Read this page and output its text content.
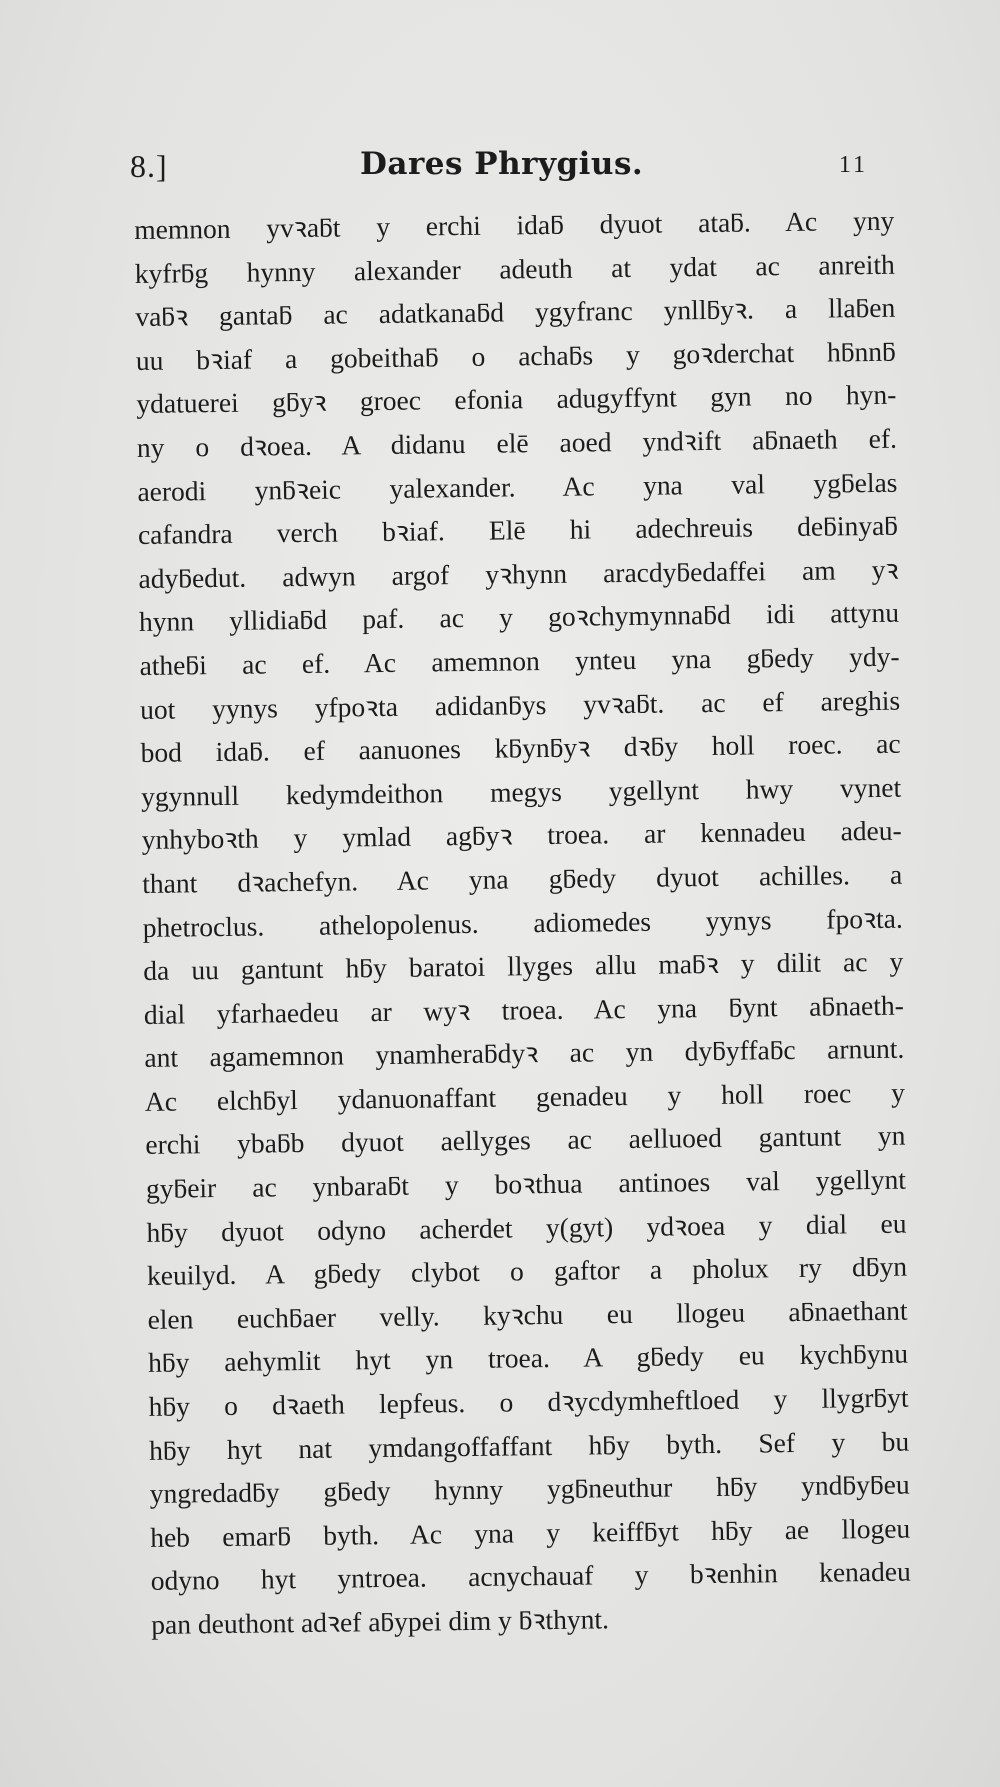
8.]	Dares Phrygius.	11
memnon yvꝛaƃt y erchi idaƃ dyuot ataƃ. Ac yny
kyfrƃg hynny alexander adeuth at ydat ac anreith
vaƃꝛ gantaƃ ac adatkanaƃd ygyfranc ynllƃyꝛ. a llaƃen
uu bꝛiaf a gobeithaƃ o achaƃs y goꝛderchat hƃnnƃ
ydatuerei gƃyꝛ groec efonia adugyffynt gyn no hyn-
ny o dꝛoea. A didanu elē aoed yndꝛift aƃnaeth ef.
aerodi ynƃꝛeic yalexander. Ac yna val ygƃelas
cafandra verch bꝛiaf. Elē hi adechreuis deƃinyaƃ
adyƃedut. adwyn argof yꝛhynn aracdyƃedaffei am yꝛ
hynn yllidiaƃd paf. ac y goꝛchymynnaƃd idi attynu
atheƃi ac ef. Ac amemnon ynteu yna gƃedy ydy-
uot yynys yfpoꝛta adidanƃys yvꝛaƃt. ac ef areghis
bod idaƃ. ef aanuones kƃynƃyꝛ dꝛƃy holl roec. ac
ygynnull kedymdeithon megys ygellynt hwy vynet
ynhyboꝛth y ymlad agƃyꝛ troea. ar kennadeu adeu-
thant dꝛachefyn. Ac yna gƃedy dyuot achilles. a
phetroclus. athelopolenus. adiomedes yynys fpoꝛta.
da uu gantunt hƃy baratoi llyges allu maƃꝛ y dilit ac y
dial yfarhaedeu ar wyꝛ troea. Ac yna ƃynt aƃnaeth-
ant agamemnon ynamheraƃdyꝛ ac yn dyƃyffaƃc arnunt.
Ac elchƃyl ydanuonaffant genadeu y holl roec y
erchi ybaƃb dyuot aellyges ac aelluoed gantunt yn
gyƃeir ac ynbaraƃt y boꝛthua antinoes val ygellynt
hƃy dyuot odyno acherdet y(gyt) ydꝛoea y dial eu
keuilyd. A gƃedy clybot o gaftor a pholux ry dƃyn
elen euchƃaer velly. kyꝛchu eu llogeu aƃnaethant
hƃy aehymlit hyt yn troea. A gƃedy eu kychƃynu
hƃy o dꝛaeth lepfeus. o dꝛycdymheftloed y llygrƃyt
hƃy hyt nat ymdangoffaffant hƃy byth. Sef y bu
yngredadƃy gƃedy hynny ygƃneuthur hƃy yndƃyƃeu
heb emarƃ byth. Ac yna y keiffƃyt hƃy ae llogeu
odyno hyt yntroea. acnychauaf y bꝛenhin kenadeu
pan deuthont adꝛef aƃypei dim y ƃꝛthynt.
